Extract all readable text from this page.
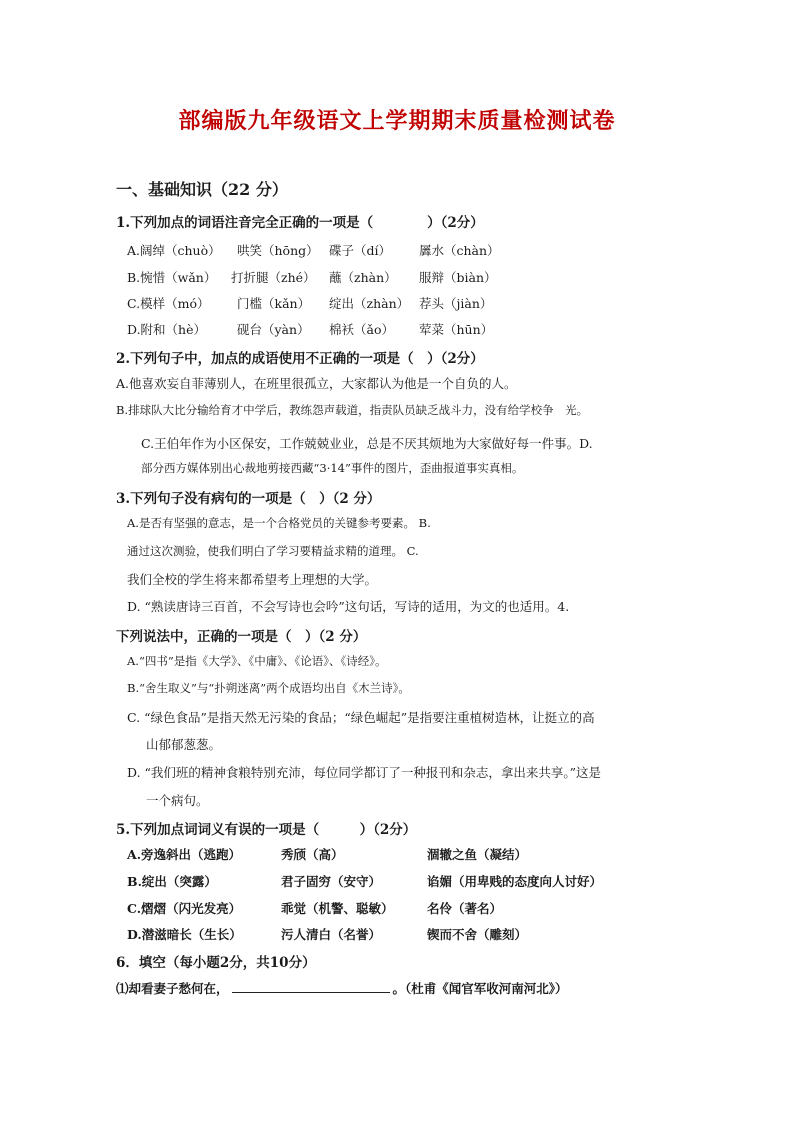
部编版九年级语文上学期期末质量检测试卷
一、基础知识（22 分）
1.下列加点的词语注音完全正确的一项是（　　　　）（2分）
A.阔绰（chuò） 哄笑（hōng） 碟子（dí） 羼水（chàn）
B.惋惜（wǎn） 打折腿（zhé） 蘸（zhàn） 服辩（biàn）
C.模样（mó） 门槛（kǎn） 绽出（zhàn） 荐头（jiàn）
D.附和（hè） 砚台（yàn） 棉袄（ǎo） 荤菜（hūn）
2.下列句子中，加点的成语使用不正确的一项是（　）（2分）
A.他喜欢妄自菲薄别人，在班里很孤立，大家都认为他是一个自负的人。
B.排球队大比分输给育才中学后，教练怨声载道，指责队员缺乏战斗力，没有给学校争　光。
C.王伯年作为小区保安，工作兢兢业业，总是不厌其烦地为大家做好每一件事。D.
部分西方媒体别出心裁地剪接西藏“3·14”事件的图片，歪曲报道事实真相。
3.下列句子没有病句的一项是（　）（2 分）
A.是否有坚强的意志，是一个合格党员的关键参考要素。 B.
通过这次测验，使我们明白了学习要精益求精的道理。 C.
我们全校的学生将来都希望考上理想的大学。
D. “熟读唐诗三百首，不会写诗也会吟”这句话，写诗的适用，为文的也适用。4.
下列说法中，正确的一项是（　）（2 分）
A.“四书”是指《大学》、《中庸》、《论语》、《诗经》。
B.“舍生取义”与“扑朔迷离”两个成语均出自《木兰诗》。
C. “绿色食品”是指天然无污染的食品；“绿色崛起”是指要注重植树造林，让挺立的高
山郁郁葱葱。
D. “我们班的精神食粮特别充沛，每位同学都订了一种报刊和杂志，拿出来共享。”这是
一个病句。
5.下列加点词词义有误的一项是（　　　）（2分）
A.旁逸斜出（逃跑）	秀颀（高）	涸辙之鱼（凝结）
B.绽出（突露）	君子固穷（安守）	谄媚（用卑贱的态度向人讨好）
C.熠熠（闪光发亮）	乖觉（机警、聪敏）	名伶（著名）
D.潜滋暗长（生长）	污人清白（名誉）	锲而不舍（雕刻）
6．填空（每小题2分，共10分）
⑴却看妻子愁何在，	。（杜甫《闻官军收河南河北》）
